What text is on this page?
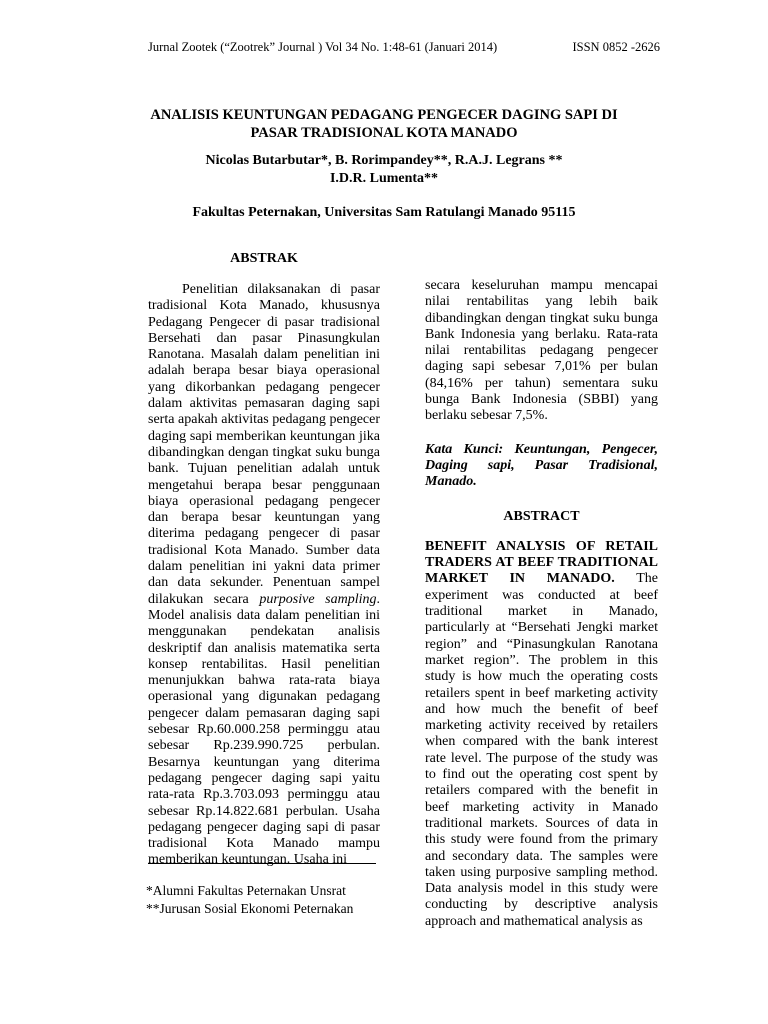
Jurnal Zootek (“Zootrek” Journal ) Vol 34 No. 1:48-61 (Januari 2014)	ISSN 0852 -2626
ANALISIS KEUNTUNGAN PEDAGANG PENGECER DAGING SAPI DI
PASAR TRADISIONAL KOTA MANADO
Nicolas Butarbutar*, B. Rorimpandey**, R.A.J. Legrans **
I.D.R. Lumenta**
Fakultas Peternakan, Universitas Sam Ratulangi Manado 95115
ABSTRAK

Penelitian dilaksanakan di pasar tradisional Kota Manado, khususnya Pedagang Pengecer di pasar tradisional Bersehati dan pasar Pinasungkulan Ranotana. Masalah dalam penelitian ini adalah berapa besar biaya operasional yang dikorbankan pedagang pengecer dalam aktivitas pemasaran daging sapi serta apakah aktivitas pedagang pengecer daging sapi memberikan keuntungan jika dibandingkan dengan tingkat suku bunga bank. Tujuan penelitian adalah untuk mengetahui berapa besar penggunaan biaya operasional pedagang pengecer dan berapa besar keuntungan yang diterima pedagang pengecer di pasar tradisional Kota Manado. Sumber data dalam penelitian ini yakni data primer dan data sekunder. Penentuan sampel dilakukan secara purposive sampling. Model analisis data dalam penelitian ini menggunakan pendekatan analisis deskriptif dan analisis matematika serta konsep rentabilitas. Hasil penelitian menunjukkan bahwa rata-rata biaya operasional yang digunakan pedagang pengecer dalam pemasaran daging sapi sebesar Rp.60.000.258 perminggu atau sebesar Rp.239.990.725 perbulan. Besarnya keuntungan yang diterima pedagang pengecer daging sapi yaitu rata-rata Rp.3.703.093 perminggu atau sebesar Rp.14.822.681 perbulan. Usaha pedagang pengecer daging sapi di pasar tradisional Kota Manado mampu memberikan keuntungan. Usaha ini

secara keseluruhan mampu mencapai nilai rentabilitas yang lebih baik dibandingkan dengan tingkat suku bunga Bank Indonesia yang berlaku. Rata-rata nilai rentabilitas pedagang pengecer daging sapi sebesar 7,01% per bulan (84,16% per tahun) sementara suku bunga Bank Indonesia (SBBI) yang berlaku sebesar 7,5%.

Kata Kunci: Keuntungan, Pengecer, Daging sapi, Pasar Tradisional, Manado.

ABSTRACT

BENEFIT ANALYSIS OF RETAIL TRADERS AT BEEF TRADITIONAL MARKET IN MANADO. The experiment was conducted at beef traditional market in Manado, particularly at “Bersehati Jengki market region” and “Pinasungkulan Ranotana market region”. The problem in this study is how much the operating costs retailers spent in beef marketing activity and how much the benefit of beef marketing activity received by retailers when compared with the bank interest rate level. The purpose of the study was to find out the operating cost spent by retailers compared with the benefit in beef marketing activity in Manado traditional markets. Sources of data in this study were found from the primary and secondary data. The samples were taken using purposive sampling method. Data analysis model in this study were conducting by descriptive analysis approach and mathematical analysis as

*Alumni Fakultas Peternakan Unsrat
**Jurusan Sosial Ekonomi Peternakan
